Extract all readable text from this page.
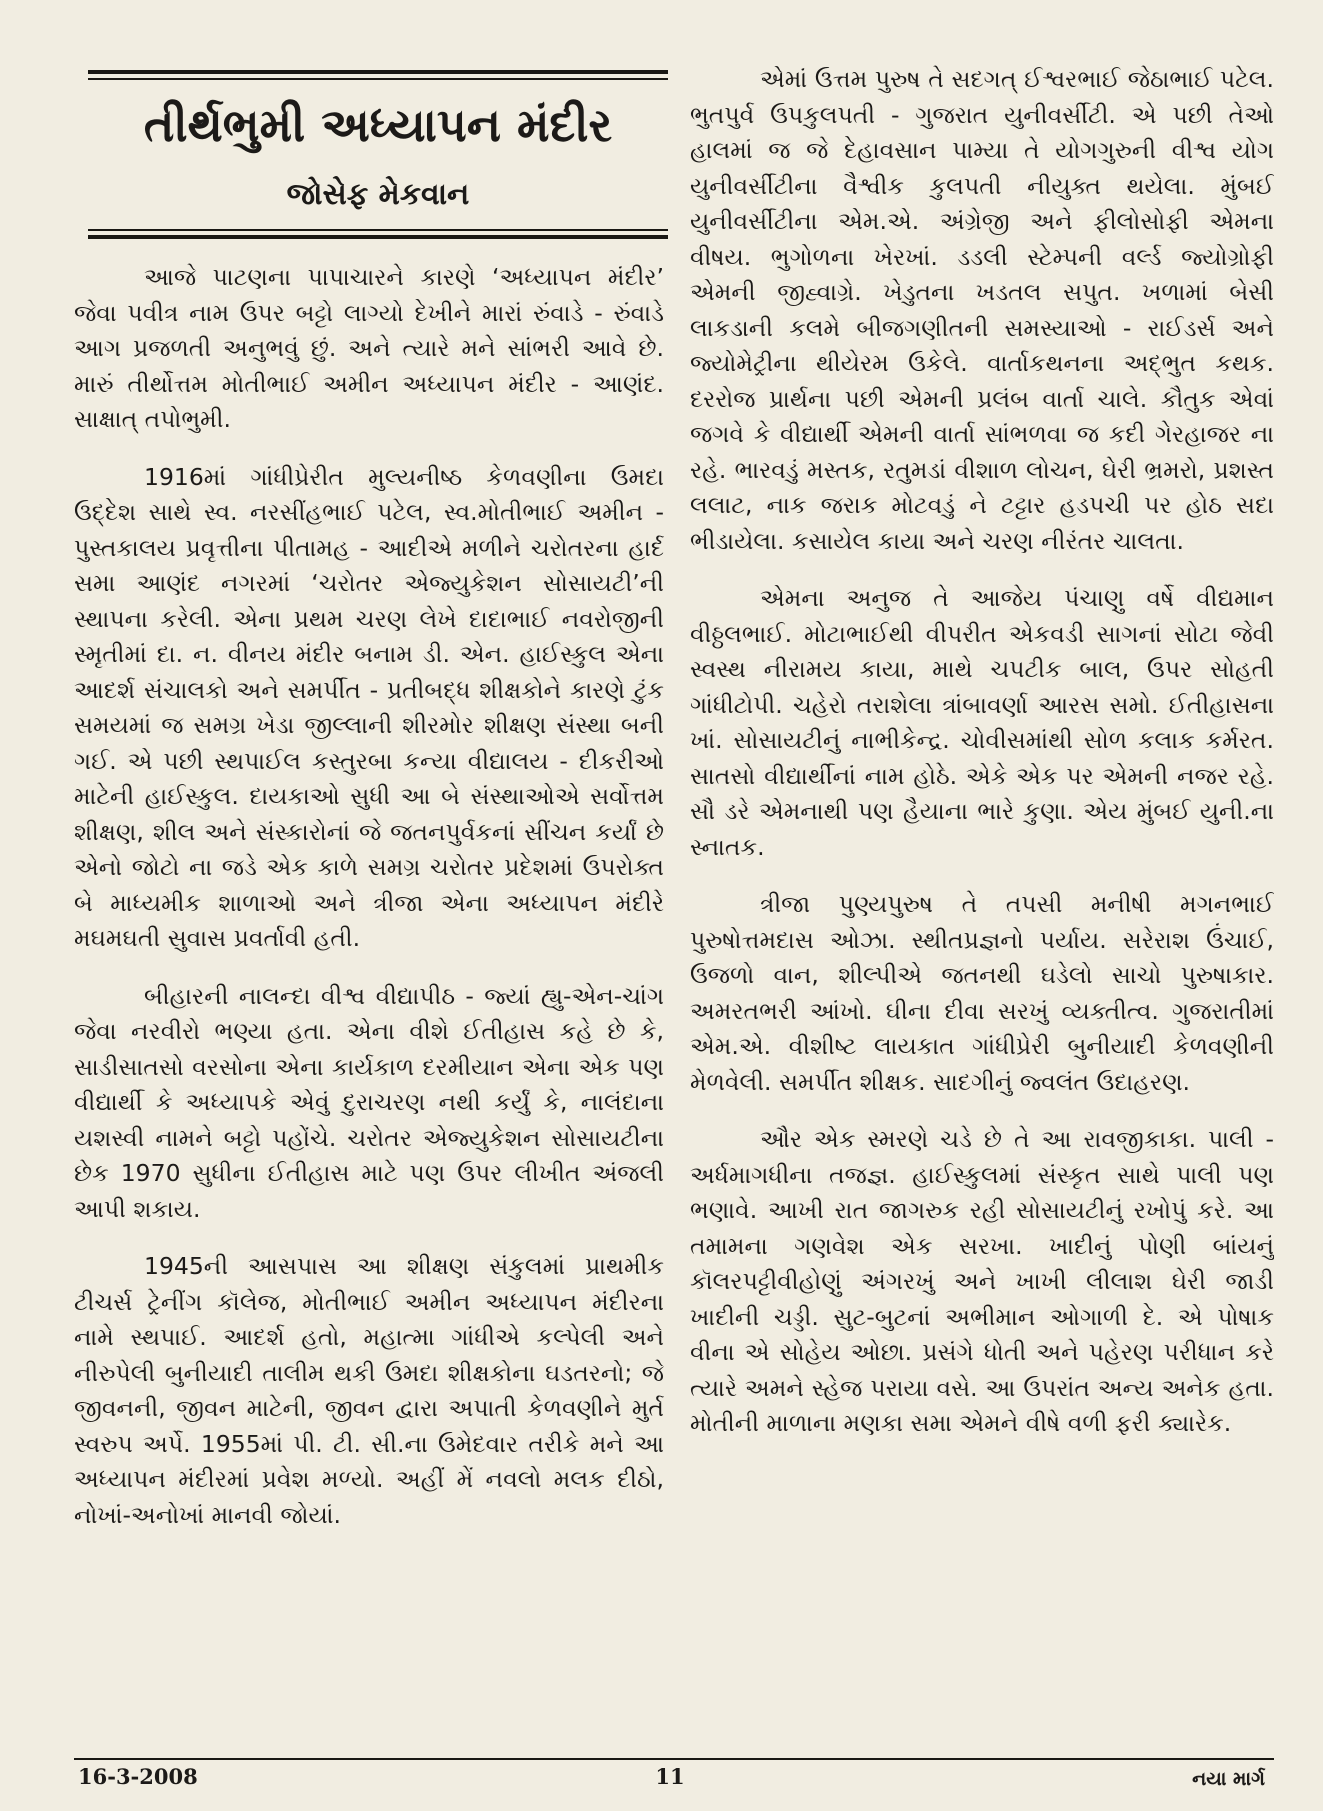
તીર્થભુમી અધ્યાપન મંદીર
જોસેફ મેકવાન

આજે પાટણના પાપાચારને કારણે ‘અધ્યાપન મંદીર’ જેવા પવીત્ર નામ ઉપર બટ્ટો લાગ્યો દેખીને મારાં રુંવાડે - રુંવાડે આગ પ્રજળતી અનુભવું છું. અને ત્યારે મને સાંભરી આવે છે. મારું તીર્થોત્તમ મોતીભાઈ અમીન અધ્યાપન મંદીર - આણંદ. સાક્ષાત્ તપોભુમી.

1916માં ગાંધીપ્રેરીત મુલ્યનીષ્ઠ કેળવણીના ઉમદા ઉદ્દેશ સાથે સ્વ. નરસીંહભાઈ પટેલ, સ્વ.મોતીભાઈ અમીન - પુસ્તકાલય પ્રવૃત્તીના પીતામહ - આદીએ મળીને ચરોતરના હાર્દ સમા આણંદ નગરમાં ‘ચરોતર એજ્યુકેશન સોસાયટી’ની સ્થાપના કરેલી. એના પ્રથમ ચરણ લેખે દાદાભાઈ નવરોજીની સ્મૃતીમાં દા. ન. વીનય મંદીર બનામ ડી. એન. હાઈસ્કુલ એના આદર્શ સંચાલકો અને સમર્પીત - પ્રતીબદ્ધ શીક્ષકોને કારણે ટુંક સમયમાં જ સમગ્ર ખેડા જીલ્લાની શીરમોર શીક્ષણ સંસ્થા બની ગઈ. એ પછી સ્થપાઈલ કસ્તુરબા કન્યા વીદ્યાલય - દીકરીઓ માટેની હાઈસ્કુલ. દાયકાઓ સુધી આ બે સંસ્થાઓએ સર્વોત્તમ શીક્ષણ, શીલ અને સંસ્કારોનાં જે જતનપુર્વકનાં સીંચન કર્યાં છે એનો જોટો ના જડે એક કાળે સમગ્ર ચરોતર પ્રદેશમાં ઉપરોક્ત બે માધ્યમીક શાળાઓ અને ત્રીજા એના અધ્યાપન મંદીરે મઘમઘતી સુવાસ પ્રવર્તાવી હતી.

બીહારની નાલન્દા વીશ્વ વીદ્યાપીઠ - જ્યાં હ્યુ-એન-ચાંગ જેવા નરવીરો ભણ્યા હતા. એના વીશે ઈતીહાસ કહે છે કે, સાડીસાતસો વરસોના એના કાર્યકાળ દરમીયાન એના એક પણ વીદ્યાર્થી કે અધ્યાપકે એવું દુરાચરણ નથી કર્યું કે, નાલંદાના યશસ્વી નામને બટ્ટો પહોંચે. ચરોતર એજ્યુકેશન સોસાયટીના છેક 1970 સુધીના ઈતીહાસ માટે પણ ઉપર લીખીત અંજલી આપી શકાય.

1945ની આસપાસ આ શીક્ષણ સંકુલમાં પ્રાથમીક ટીચર્સ ટ્રેનીંગ કૉલેજ, મોતીભાઈ અમીન અધ્યાપન મંદીરના નામે સ્થપાઈ. આદર્શ હતો, મહાત્મા ગાંધીએ કલ્પેલી અને નીરુપેલી બુનીયાદી તાલીમ થકી ઉમદા શીક્ષકોના ઘડતરનો; જે જીવનની, જીવન માટેની, જીવન દ્વારા અપાતી કેળવણીને મુર્ત સ્વરુપ અર્પે. 1955માં પી. ટી. સી.ના ઉમેદવાર તરીકે મને આ અધ્યાપન મંદીરમાં પ્રવેશ મળ્યો. અહીં મેં નવલો મલક દીઠો, નોખાં-અનોખાં માનવી જોયાં.

એમાં ઉત્તમ પુરુષ તે સદગત્ ઈશ્વરભાઈ જેઠાભાઈ પટેલ. ભુતપુર્વ ઉપકુલપતી - ગુજરાત યુનીવર્સીટી. એ પછી તેઓ હાલમાં જ જે દેહાવસાન પામ્યા તે યોગગુરુની વીશ્વ યોગ યુનીવર્સીટીના વૈશ્વીક કુલપતી નીયુક્ત થયેલા. મુંબઈ યુનીવર્સીટીના એમ.એ. અંગ્રેજી અને ફીલોસોફી એમના વીષય. ભુગોળના ખેરખાં. ડડલી સ્ટેમ્પની વર્લ્ડ જ્યોગ્રોફી એમની જીહ્વાગ્રે. ખેડુતના ખડતલ સપુત. ખળામાં બેસી લાકડાની કલમે બીજગણીતની સમસ્યાઓ - રાઈડર્સ અને જ્યોમેટ્રીના થીયેરમ ઉકેલે. વાર્તાકથનના અદ્ભુત કથક. દરરોજ પ્રાર્થના પછી એમની પ્રલંબ વાર્તા ચાલે. કૌતુક એવાં જગવે કે વીદ્યાર્થી એમની વાર્તા સાંભળવા જ કદી ગેરહાજર ના રહે. ભારવડું મસ્તક, રતુમડાં વીશાળ લોચન, ઘેરી ભ્રમરો, પ્રશસ્ત લલાટ, નાક જરાક મોટવડું ને ટટ્ટાર હડપચી પર હોઠ સદા ભીડાયેલા. કસાયેલ કાયા અને ચરણ નીરંતર ચાલતા.

એમના અનુજ તે આજેય પંચાણુ વર્ષે વીદ્યમાન વીઠ્ઠલભાઈ. મોટાભાઈથી વીપરીત એકવડી સાગનાં સોટા જેવી સ્વસ્થ નીરામય કાયા, માથે ચપટીક બાલ, ઉપર સોહતી ગાંધીટોપી. ચહેરો તરાશેલા ત્રાંબાવર્ણા આરસ સમો. ઈતીહાસના ખાં. સોસાયટીનું નાભીકેન્દ્ર. ચોવીસમાંથી સોળ કલાક કર્મરત. સાતસો વીદ્યાર્થીનાં નામ હોઠે. એકે એક પર એમની નજર રહે. સૌ ડરે એમનાથી પણ હૈયાના ભારે કુણા. એય મુંબઈ યુની.ના સ્નાતક.

ત્રીજા પુણ્યપુરુષ તે તપસી મનીષી મગનભાઈ પુરુષોત્તમદાસ ઓઝા. સ્થીતપ્રજ્ઞનો પર્યાય. સરેરાશ ઉંચાઈ, ઉજળો વાન, શીલ્પીએ જતનથી ઘડેલો સાચો પુરુષાકાર. અમરતભરી આંખો. ઘીના દીવા સરખું વ્યક્તીત્વ. ગુજરાતીમાં એમ.એ. વીશીષ્ટ લાયકાત ગાંધીપ્રેરી બુનીયાદી કેળવણીની મેળવેલી. સમર્પીત શીક્ષક. સાદગીનું જ્વલંત ઉદાહરણ.

ઔર એક સ્મરણે ચડે છે તે આ રાવજીકાકા. પાલી - અર્ધમાગધીના તજજ્ઞ. હાઈસ્કુલમાં સંસ્કૃત સાથે પાલી પણ ભણાવે. આખી રાત જાગરુક રહી સોસાયટીનું રખોપું કરે. આ તમામના ગણવેશ એક સરખા. ખાદીનું પોણી બાંયનું કૉલરપટ્ટીવીહોણું અંગરખું અને ખાખી લીલાશ ઘેરી જાડી ખાદીની ચડ્ડી. સુટ-બુટનાં અભીમાન ઓગાળી દે. એ પોષાક વીના એ સોહેય ઓછા. પ્રસંગે ધોતી અને પહેરણ પરીધાન કરે ત્યારે અમને સ્હેજ પરાયા વસે. આ ઉપરાંત અન્ય અનેક હતા. મોતીની માળાના મણકા સમા એમને વીષે વળી ફરી ક્યારેક.

16-3-2008	11	નયા માર્ગ
